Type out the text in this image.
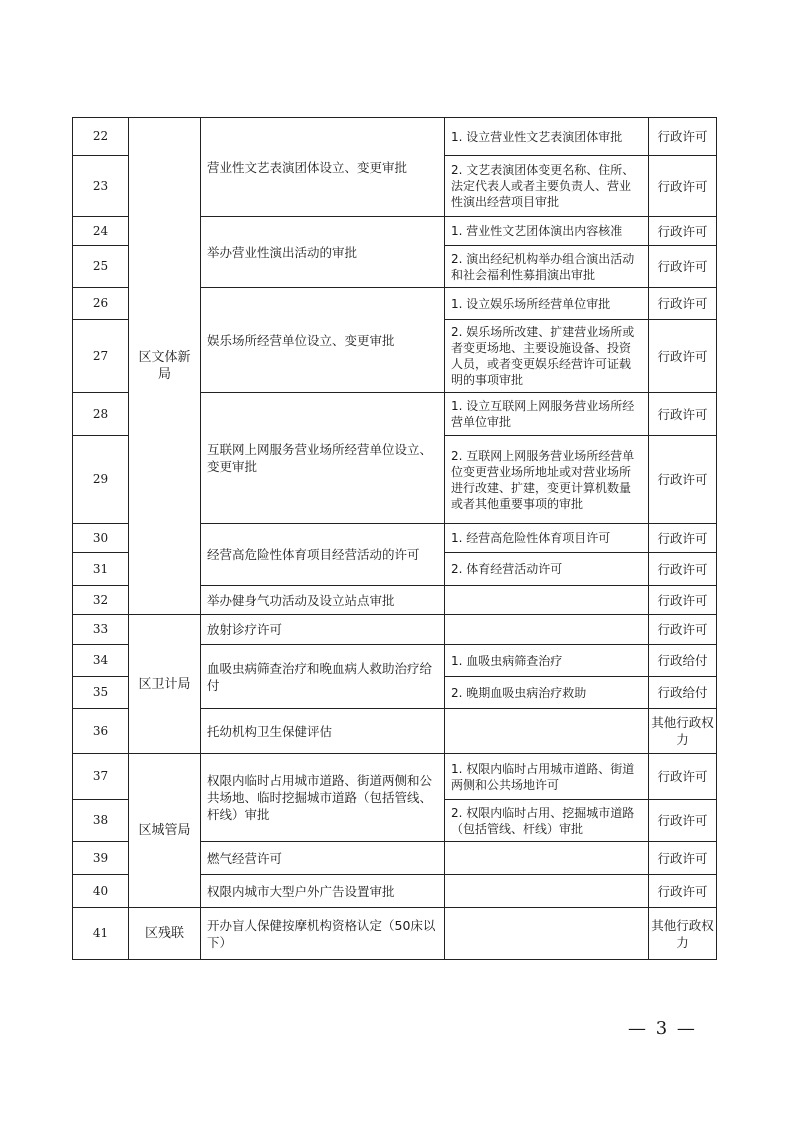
22	区文体新局	营业性文艺表演团体设立、变更审批	1. 设立营业性文艺表演团体审批	行政许可
23			2. 文艺表演团体变更名称、住所、法定代表人或者主要负责人、营业性演出经营项目审批	行政许可
24		举办营业性演出活动的审批	1. 营业性文艺团体演出内容核准	行政许可
25			2. 演出经纪机构举办组合演出活动和社会福利性募捐演出审批	行政许可
26		娱乐场所经营单位设立、变更审批	1. 设立娱乐场所经营单位审批	行政许可
27			2. 娱乐场所改建、扩建营业场所或者变更场地、主要设施设备、投资人员，或者变更娱乐经营许可证载明的事项审批	行政许可
28		互联网上网服务营业场所经营单位设立、变更审批	1. 设立互联网上网服务营业场所经营单位审批	行政许可
29			2. 互联网上网服务营业场所经营单位变更营业场所地址或对营业场所进行改建、扩建，变更计算机数量或者其他重要事项的审批	行政许可
30		经营高危险性体育项目经营活动的许可	1. 经营高危险性体育项目许可	行政许可
31			2. 体育经营活动许可	行政许可
32		举办健身气功活动及设立站点审批		行政许可
33	区卫计局	放射诊疗许可		行政许可
34		血吸虫病筛查治疗和晚血病人救助治疗给付	1. 血吸虫病筛查治疗	行政给付
35			2. 晚期血吸虫病治疗救助	行政给付
36		托幼机构卫生保健评估		其他行政权力
37	区城管局	权限内临时占用城市道路、街道两侧和公共场地、临时挖掘城市道路（包括管线、杆线）审批	1. 权限内临时占用城市道路、街道两侧和公共场地许可	行政许可
38			2. 权限内临时占用、挖掘城市道路（包括管线、杆线）审批	行政许可
39		燃气经营许可		行政许可
40		权限内城市大型户外广告设置审批		行政许可
41	区残联	开办盲人保健按摩机构资格认定（50床以下）		其他行政权力
— 3 —
